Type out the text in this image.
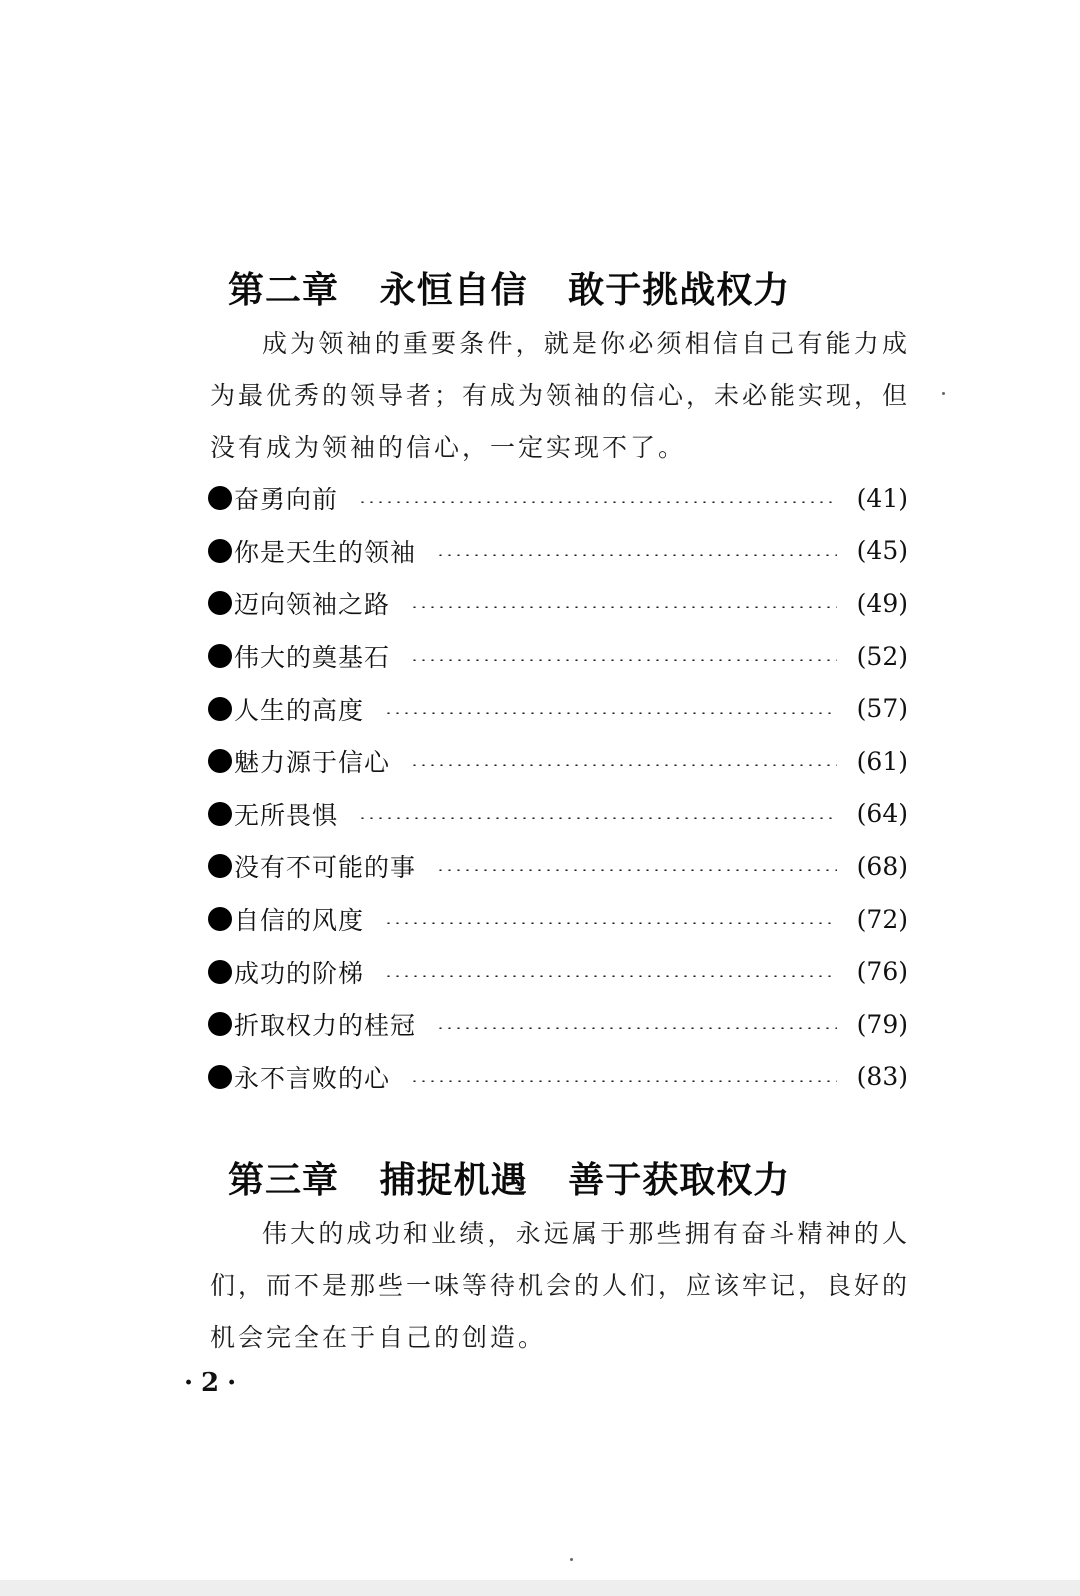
第二章   永恒自信   敢于挑战权力
成为领袖的重要条件，就是你必须相信自己有能力成为最优秀的领导者；有成为领袖的信心，未必能实现，但没有成为领袖的信心，一定实现不了。
奋勇向前	(41)
你是天生的领袖	(45)
迈向领袖之路	(49)
伟大的奠基石	(52)
人生的高度	(57)
魅力源于信心	(61)
无所畏惧	(64)
没有不可能的事	(68)
自信的风度	(72)
成功的阶梯	(76)
折取权力的桂冠	(79)
永不言败的心	(83)
第三章   捕捉机遇   善于获取权力
伟大的成功和业绩，永远属于那些拥有奋斗精神的人们，而不是那些一味等待机会的人们，应该牢记，良好的机会完全在于自己的创造。
·2·
